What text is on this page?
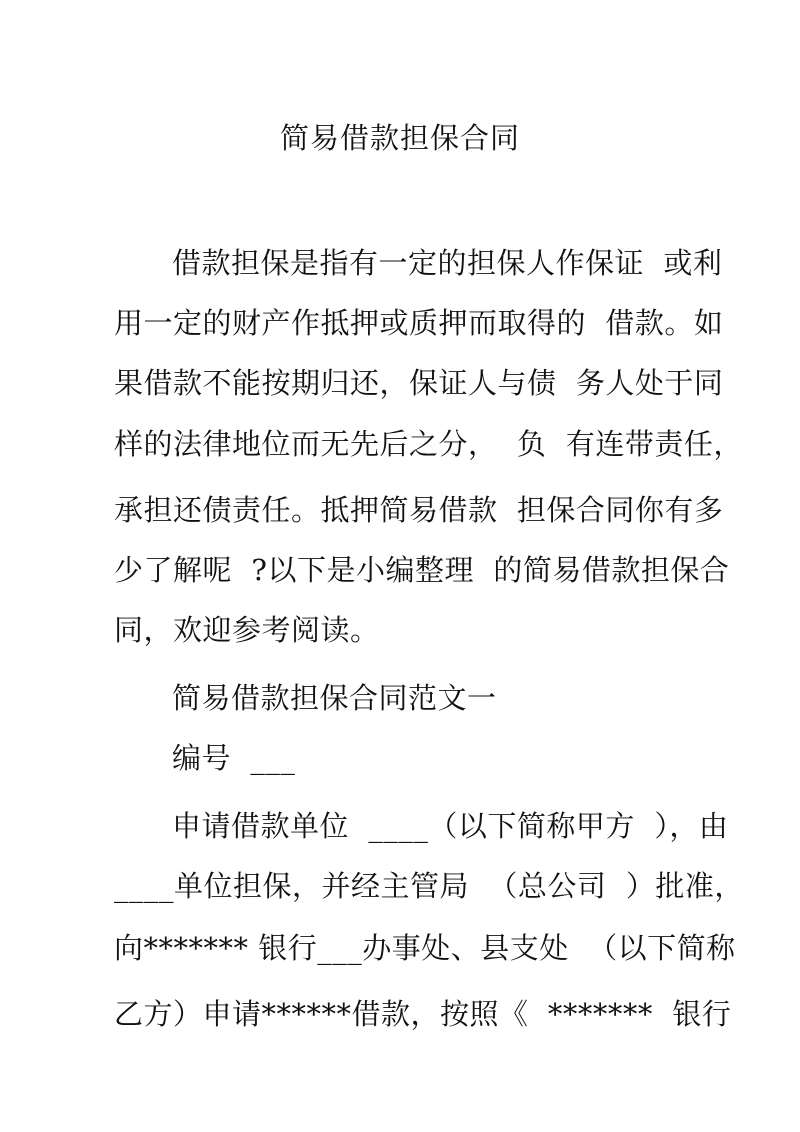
简易借款担保合同
借款担保是指有一定的担保人作保证  或利
用一定的财产作抵押或质押而取得的  借款。如
果借款不能按期归还，保证人与债  务人处于同
样的法律地位而无先后之分，  负  有连带责任，
承担还债责任。抵押简易借款  担保合同你有多
少了解呢  ?以下是小编整理  的简易借款担保合
同，欢迎参考阅读。
简易借款担保合同范文一
编号  ___
申请借款单位  ____（以下简称甲方  ），由
____单位担保，并经主管局  （总公司  ）批准，
向******* 银行___办事处、县支处  （以下简称
乙方）申请******借款，按照《  *******  银行
